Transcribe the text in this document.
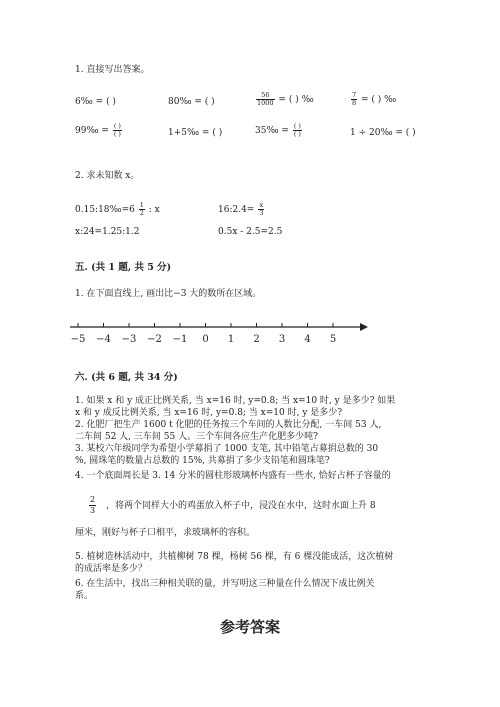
1. 直接写出答案。
6‰ = ( )	80‰ = ( )	$\frac{56}{1000}$ = ( ) ‰	$\frac{7}{8}$ = ( ) ‰
99‰ = $\frac{( )}{( )}$	1+5‰ = ( )	35‰ = $\frac{( )}{( )}$	1 ÷ 20‰ = ( )
2. 求未知数 x。
0.15:18‰=6 $\frac{1}{2}$ : x	16:2.4= $\frac{x}{3}$
x:24=1.25:1.2	0.5x - 2.5=2.5
五. (共 1 题, 共 5 分)
1. 在下面直线上, 画出比−3 大的数所在区域。
−5 −4 −3 −2 −1 0 1 2 3 4 5
六. (共 6 题, 共 34 分)
1. 如果 x 和 y 成正比例关系, 当 x=16 时, y=0.8; 当 x=10 时, y 是多少? 如果
x 和 y 成反比例关系, 当 x=16 时, y=0.8; 当 x=10 时, y 是多少?
2. 化肥厂把生产 1600 t 化肥的任务按三个车间的人数比分配, 一车间 53 人,
二车间 52 人, 三车间 55 人。三个车间各应生产化肥多少吨?
3. 某校六年级同学为希望小学募捐了 1000 支笔, 其中铅笔占募捐总数的 30
%, 圆珠笔的数量占总数的 15%, 共募捐了多少支铅笔和圆珠笔?
4. 一个底面周长是 3. 14 分米的圆柱形玻璃杯内盛有一些水, 恰好占杯子容量的
$\frac{2}{3}$ ，将两个同样大小的鸡蛋放入杯子中，浸没在水中，这时水面上升 8
厘米，刚好与杯子口相平，求玻璃杯的容积。
5. 植树造林活动中，共植柳树 78 棵，杨树 56 棵，有 6 棵没能成活，这次植树
的成活率是多少？
6. 在生活中，找出三种相关联的量，并写明这三种量在什么情况下成比例关
系。
参考答案
